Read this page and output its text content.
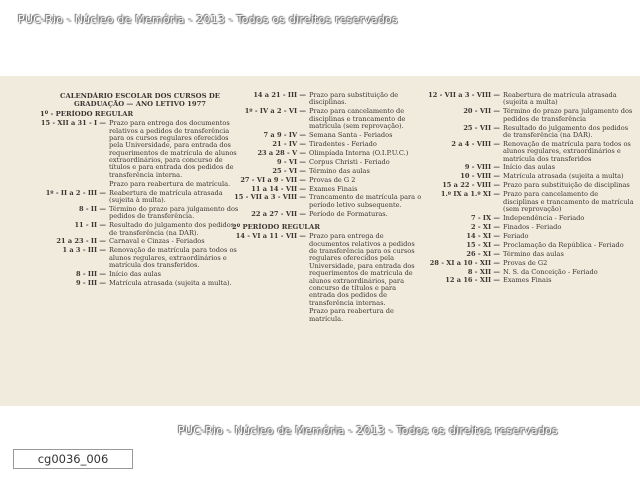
PUC-Rio - Núcleo de Memória - 2013 - Todos os direitos reservados
CALENDÁRIO ESCOLAR DOS CURSOS DE
GRADUAÇÃO — ANO LETIVO 1977
1º - PERÍODO REGULAR
15 - XII a 31 - I — Prazo para entrega dos documentos relativos a pedidos de transferência para os cursos regulares oferecidos pela Universidade, para entrada dos requerimentos de matrícula de alunos extraordinários, para concurso de títulos e para entrada dos pedidos de transferência interna.
Prazo para reabertura de matrícula.
1º - II a 2 - III — Reabertura de matrícula atrasada (sujeita à multa).
8 - II — Término do prazo para julgamento dos pedidos de transferência.
11 - II — Resultado do julgamento dos pedidos de transferência (na DAR).
21 a 23 - II — Carnaval e Cinzas - Feriados
1 a 3 - III — Renovação de matrícula para todos os alunos regulares, extraordinários e matrícula dos transferidos.
8 - III — Início das aulas
9 - III — Matrícula atrasada (sujeita a multa).
14 a 21 - III — Prazo para substituição de disciplinas.
1º - IV a 2 - VI — Prazo para cancelamento de disciplinas e trancamento de matrícula (sem reprovação).
7 a 9 - IV — Semana Santa - Feriados
21 - IV — Tiradentes - Feriado
23 a 28 - V — Olimpíada Interna (O.I.P.U.C.)
9 - VI — Corpus Christi - Feriado
25 - VI — Término das aulas
27 - VI a 9 - VII — Provas de G 2
11 a 14 - VII — Exames Finais
15 - VII a 3 - VIII — Trancamento de matrícula para o período letivo subsequente.
22 a 27 - VII — Período de Formaturas.
2º PERÍODO REGULAR
14 - VI a 11 - VII — Prazo para entrega de documentos relativos a pedidos de transferência para os cursos regulares oferecidos pela Universidade, para entrada dos requerimentos de matrícula de alunos extraordinários, para concurso de títulos e para entrada dos pedidos de transferência internas.
Prazo para reabertura de matrícula.
12 - VII a 3 - VIII — Reabertura de matrícula atrasada (sujeita a multa)
20 - VII — Término do prazo para julgamento dos pedidos de transferência
25 - VII — Resultado do julgamento dos pedidos de transferência (na DAR).
2 a 4 - VIII — Renovação de matrícula para todos os alunos regulares, extraordinários e matrícula dos transferidos
9 - VIII — Início das aulas
10 - VIII — Matrícula atrasada (sujeita a multa)
15 a 22 - VIII — Prazo para substituição de disciplinas
1.º IX a 1.º XI — Prazo para cancelamento de disciplinas e trancamento de matrícula (sem reprovação)
7 - IX — Independência - Feriado
2 - XI — Finados - Feriado
14 - XI — Feriado
15 - XI — Proclamação da República - Feriado
26 - XI — Término das aulas
28 - XI a 10 - XII — Provas de G2
8 - XII — N. S. da Conceição - Feriado
12 a 16 - XII — Exames Finais
cg0036_006
PUC-Rio - Núcleo de Memória - 2013 - Todos os direitos reservados
